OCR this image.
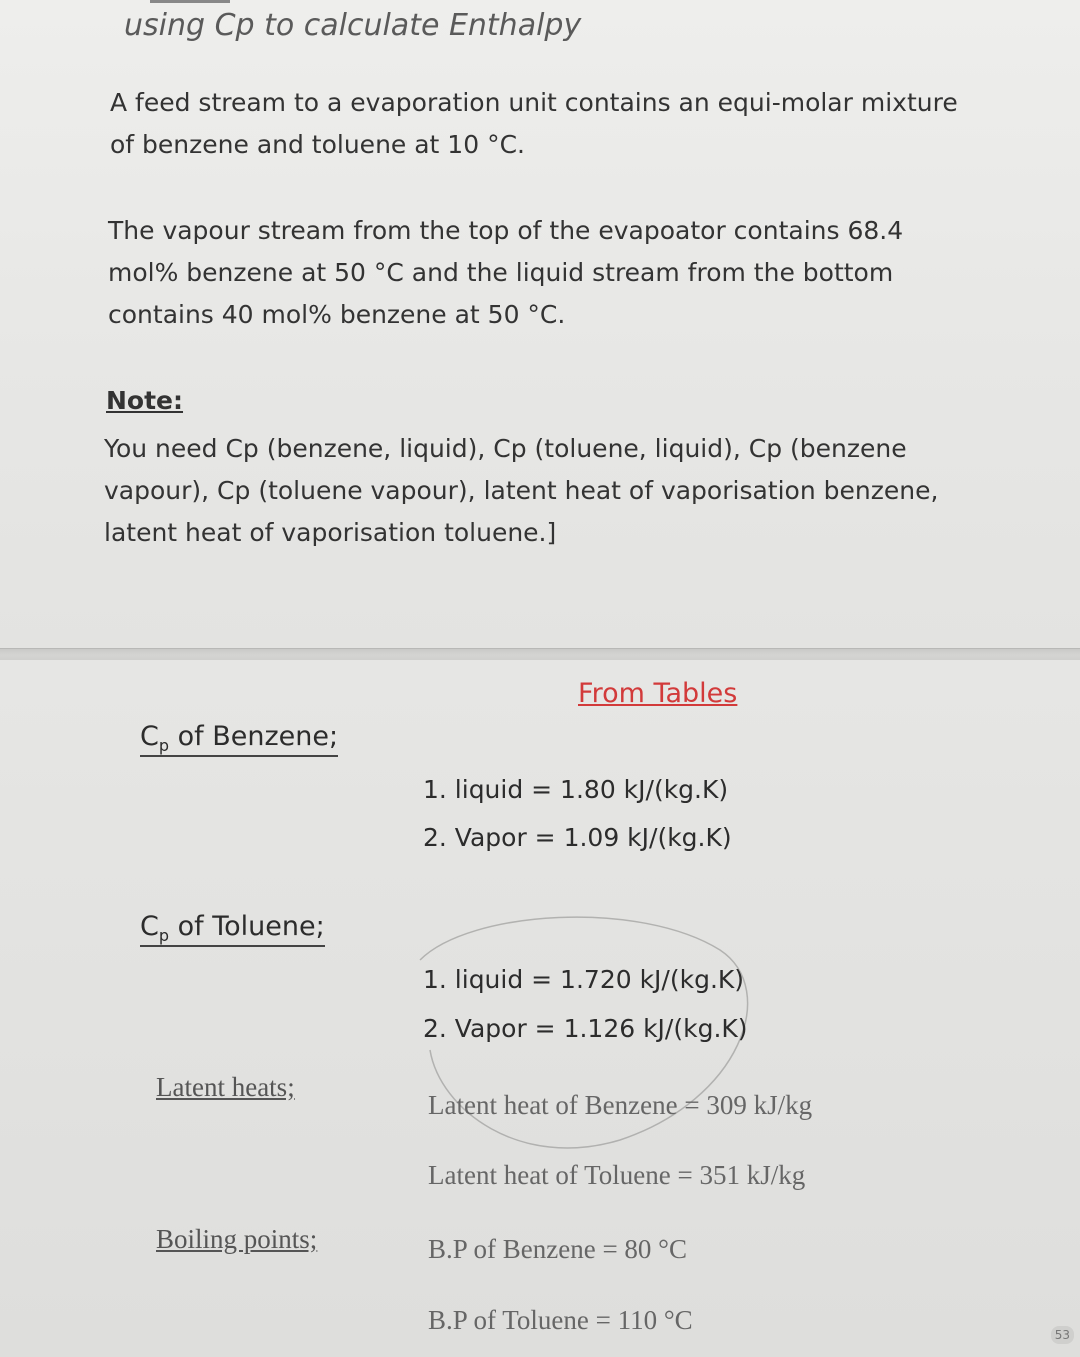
using Cp to calculate Enthalpy
A feed stream to a evaporation unit contains an equi-molar mixture
of benzene and toluene at 10 °C.
The vapour stream from the top of the evapoator contains 68.4
mol% benzene at 50 °C and the liquid stream from the bottom
contains 40 mol% benzene at 50 °C.
Note:
You need Cp (benzene, liquid), Cp (toluene, liquid), Cp (benzene
vapour), Cp (toluene vapour), latent heat of vaporisation benzene,
latent heat of vaporisation toluene.]
From Tables
$C_p$ of Benzene;
1. liquid = 1.80 kJ/(kg.K)
2. Vapor = 1.09 kJ/(kg.K)
$C_p$ of Toluene;
1. liquid = 1.720 kJ/(kg.K)
2. Vapor = 1.126 kJ/(kg.K)
Latent heats;
Latent heat of Benzene = 309 kJ/kg
Latent heat of Toluene = 351 kJ/kg
Boiling points;	B.P of Benzene = 80 °C
B.P of Toluene = 110 °C	53
